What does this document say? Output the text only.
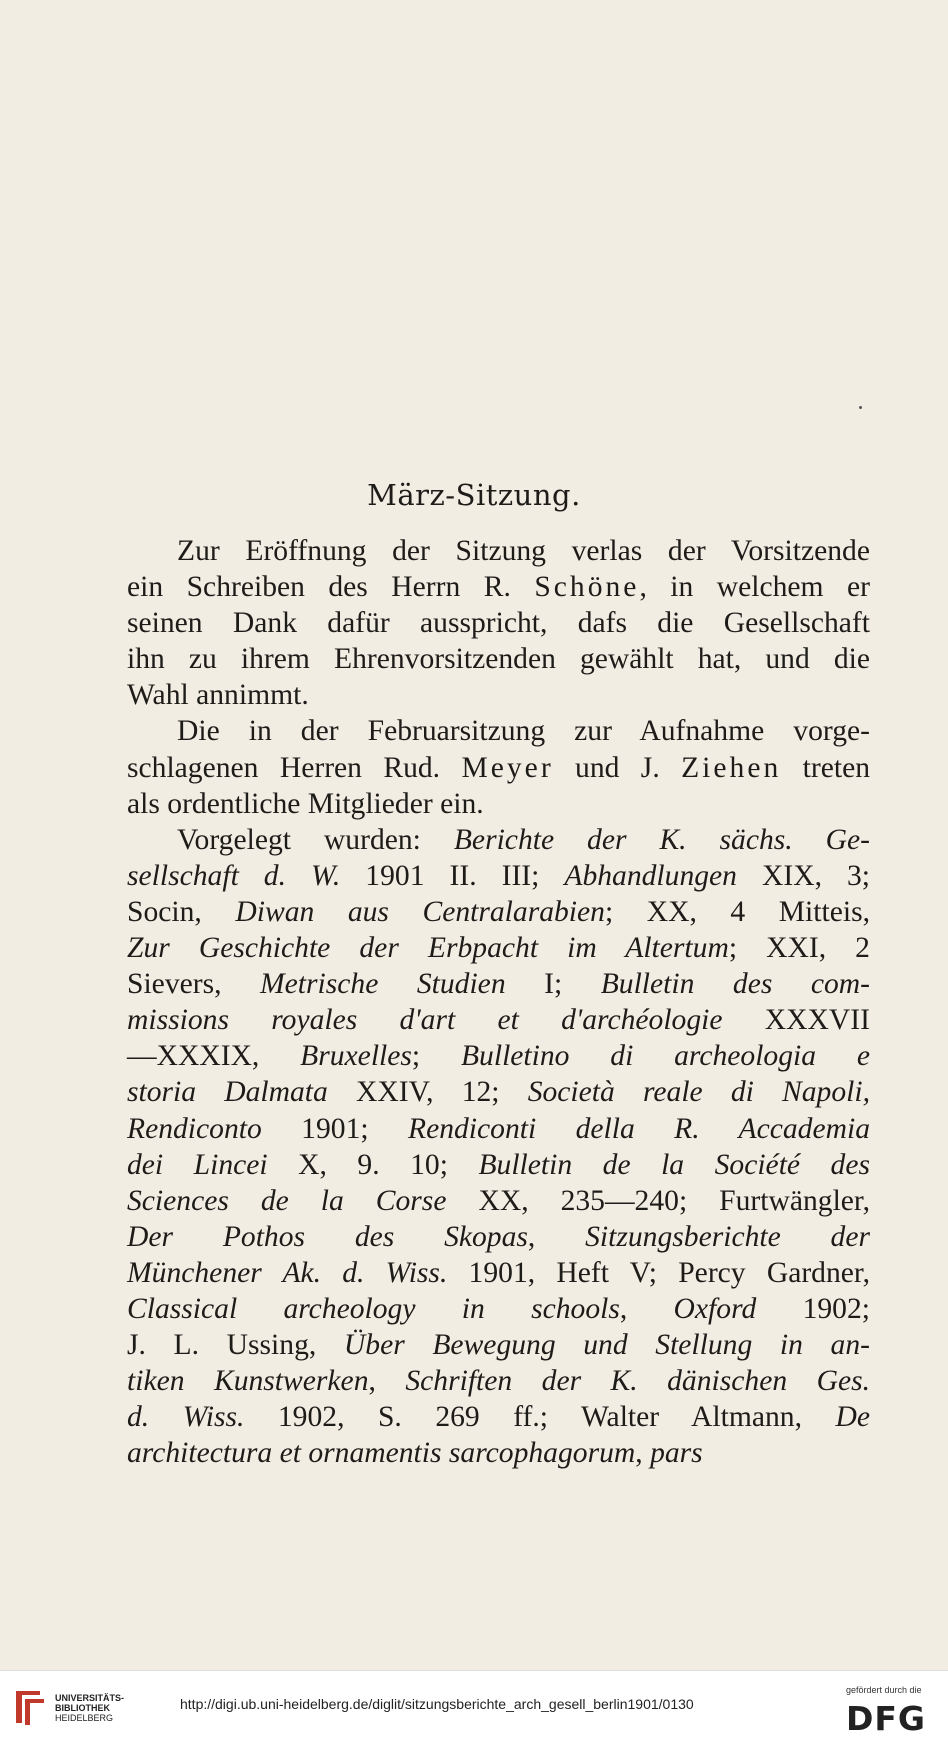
März-Sitzung.
Zur Eröffnung der Sitzung verlas der Vorsitzende
ein Schreiben des Herrn R. Schöne, in welchem er
seinen Dank dafür ausspricht, dafs die Gesellschaft
ihn zu ihrem Ehrenvorsitzenden gewählt hat, und die
Wahl annimmt.
Die in der Februarsitzung zur Aufnahme vorge-
schlagenen Herren Rud. Meyer und J. Ziehen treten
als ordentliche Mitglieder ein.
Vorgelegt wurden: Berichte der K. sächs. Ge-
sellschaft d. W. 1901 II. III; Abhandlungen XIX, 3;
Socin, Diwan aus Centralarabien; XX, 4 Mitteis,
Zur Geschichte der Erbpacht im Altertum; XXI, 2
Sievers, Metrische Studien I; Bulletin des com-
missions royales d'art et d'archéologie XXXVII
—XXXIX, Bruxelles; Bulletino di archeologia e
storia Dalmata XXIV, 12; Società reale di Napoli,
Rendiconto 1901; Rendiconti della R. Accademia
dei Lincei X, 9. 10; Bulletin de la Société des
Sciences de la Corse XX, 235—240; Furtwängler,
Der Pothos des Skopas, Sitzungsberichte der
Münchener Ak. d. Wiss. 1901, Heft V; Percy Gardner,
Classical archeology in schools, Oxford 1902;
J. L. Ussing, Über Bewegung und Stellung in an-
tiken Kunstwerken, Schriften der K. dänischen Ges.
d. Wiss. 1902, S. 269 ff.; Walter Altmann, De
architectura et ornamentis sarcophagorum, pars
UNIVERSITÄTS-
BIBLIOTHEK
HEIDELBERG
http://digi.ub.uni-heidelberg.de/diglit/sitzungsberichte_arch_gesell_berlin1901/0130
gefördert durch die
DFG
